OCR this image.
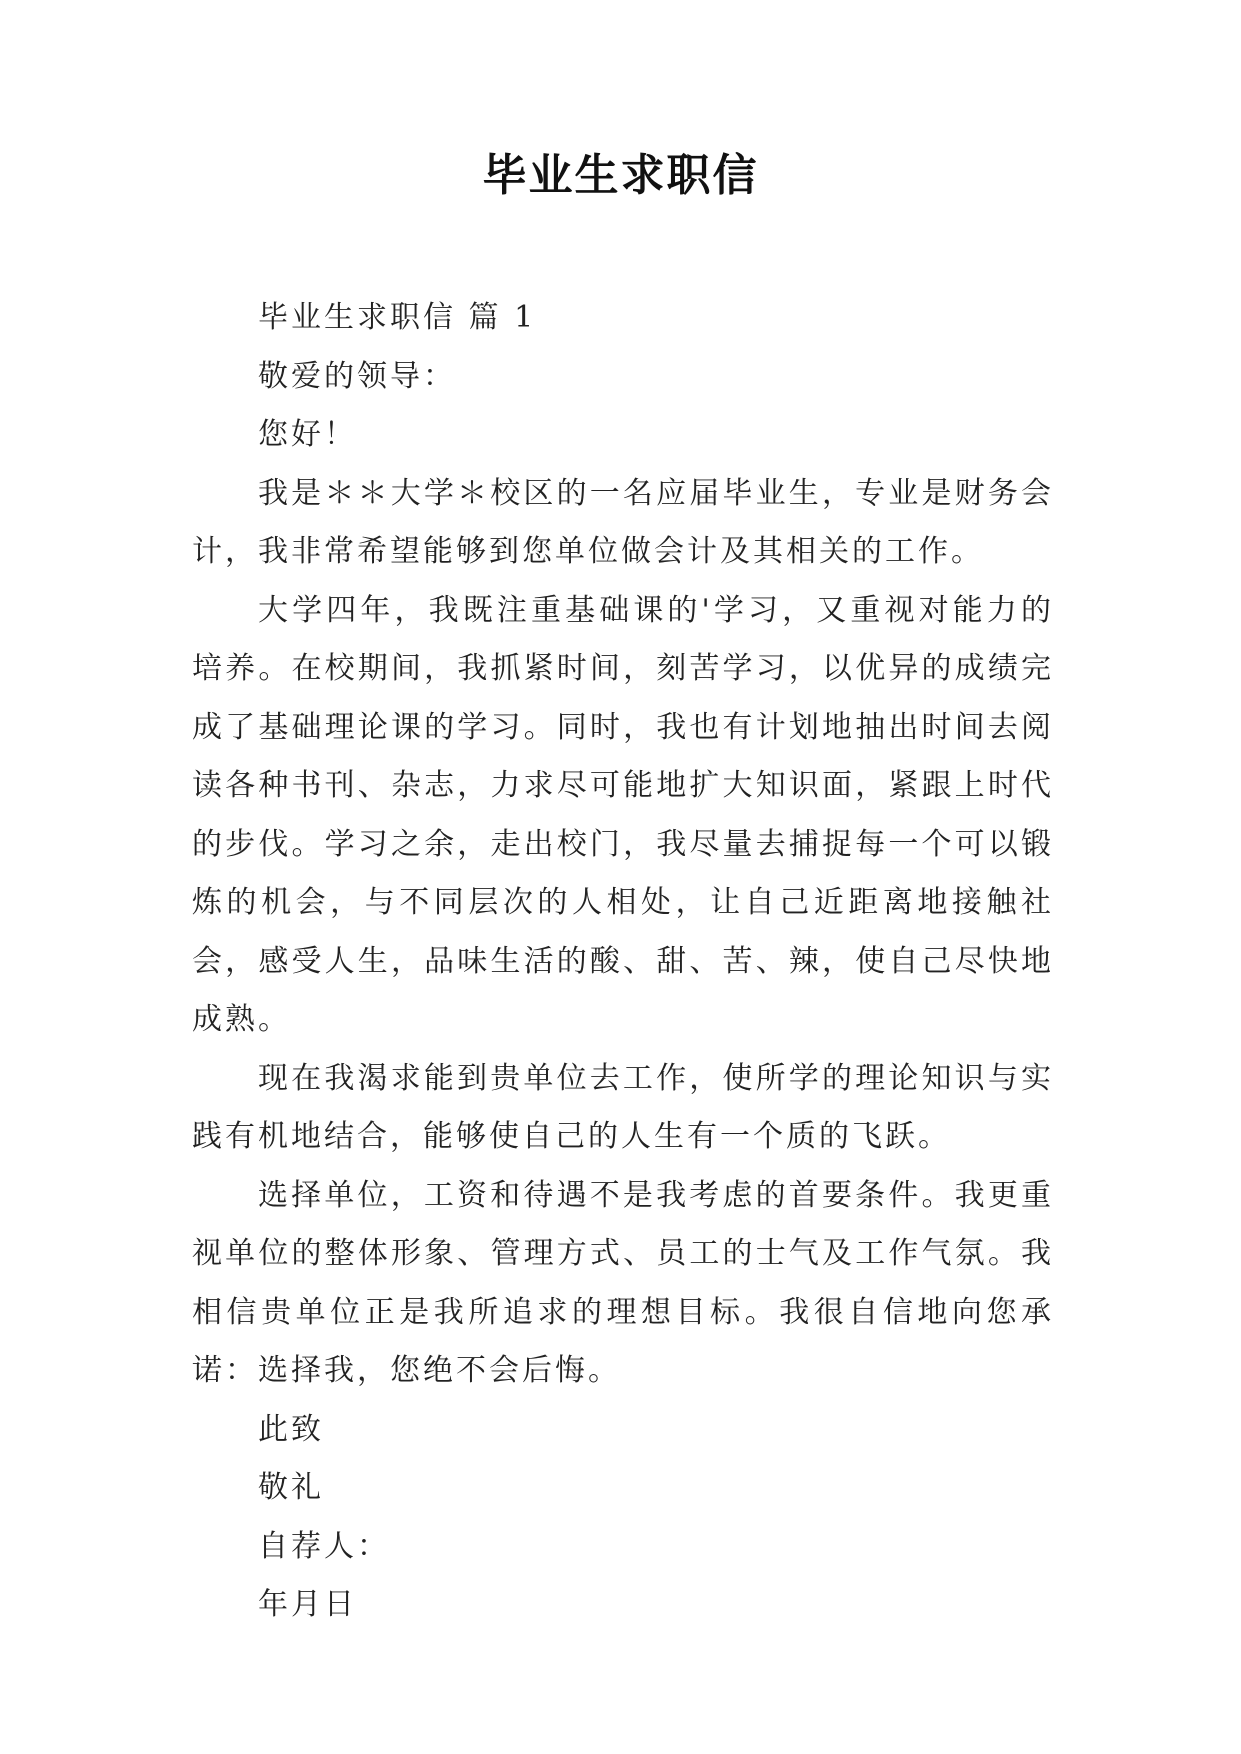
毕业生求职信

毕业生求职信 篇 1

敬爱的领导：

您好！

我是＊＊大学＊校区的一名应届毕业生，专业是财务会计，我非常希望能够到您单位做会计及其相关的工作。

大学四年，我既注重基础课的'学习，又重视对能力的培养。在校期间，我抓紧时间，刻苦学习，以优异的成绩完成了基础理论课的学习。同时，我也有计划地抽出时间去阅读各种书刊、杂志，力求尽可能地扩大知识面，紧跟上时代的步伐。学习之余，走出校门，我尽量去捕捉每一个可以锻炼的机会，与不同层次的人相处，让自己近距离地接触社会，感受人生，品味生活的酸、甜、苦、辣，使自己尽快地成熟。

现在我渴求能到贵单位去工作，使所学的理论知识与实践有机地结合，能够使自己的人生有一个质的飞跃。

选择单位，工资和待遇不是我考虑的首要条件。我更重视单位的整体形象、管理方式、员工的士气及工作气氛。我相信贵单位正是我所追求的理想目标。我很自信地向您承诺：选择我，您绝不会后悔。

此致

敬礼

自荐人：

年月日
